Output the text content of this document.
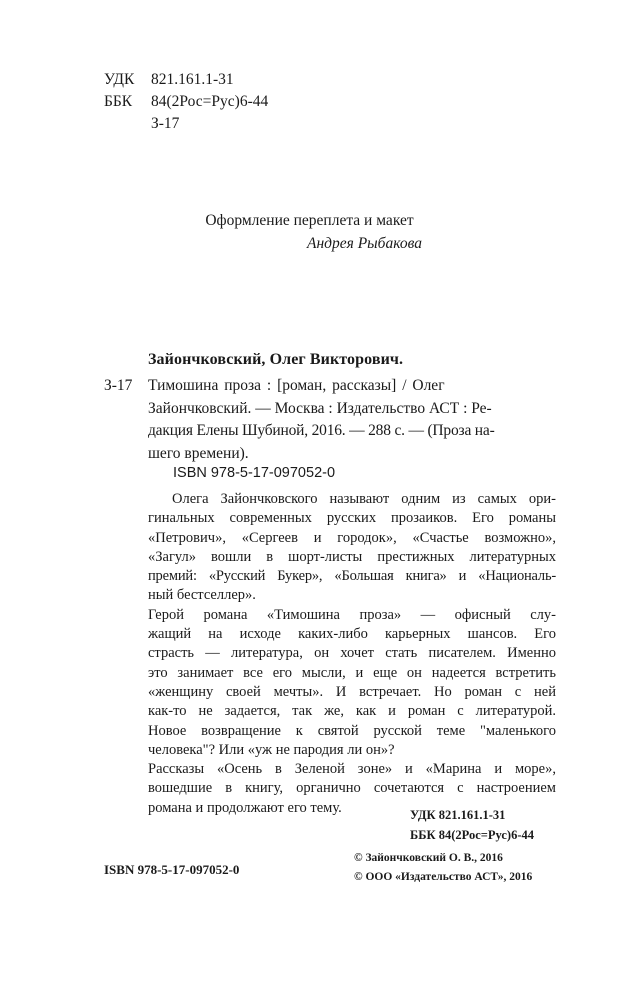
УДК 821.161.1-31
ББК 84(2Рос=Рус)6-44
З-17
Оформление переплета и макет
Андрея Рыбакова
Зайончковский, Олег Викторович.
З-17 Тимошина проза : [роман, рассказы] / Олег
Зайончковский. — Москва : Издательство АСТ : Ре-
дакция Елены Шубиной, 2016. — 288 с. — (Проза на-
шего времени).
ISBN 978-5-17-097052-0
Олега Зайончковского называют одним из самых ори-
гинальных современных русских прозаиков. Его романы
«Петрович», «Сергеев и городок», «Счастье возможно»,
«Загул» вошли в шорт-листы престижных литературных
премий: «Русский Букер», «Большая книга» и «Националь-
ный бестселлер».
Герой романа «Тимошина проза» — офисный слу-
жащий на исходе каких-либо карьерных шансов. Его
страсть — литература, он хочет стать писателем. Именно
это занимает все его мысли, и еще он надеется встретить
«женщину своей мечты». И встречает. Но роман с ней
как-то не задается, так же, как и роман с литературой.
Новое возвращение к святой русской теме "маленького
человека"? Или «уж не пародия ли он»?
Рассказы «Осень в Зеленой зоне» и «Марина и море»,
вошедшие в книгу, органично сочетаются с настроением
романа и продолжают его тему.	УДК 821.161.1-31
ББК 84(2Рос=Рус)6-44
ISBN 978-5-17-097052-0
© Зайончковский О. В., 2016
© ООО «Издательство АСТ», 2016
